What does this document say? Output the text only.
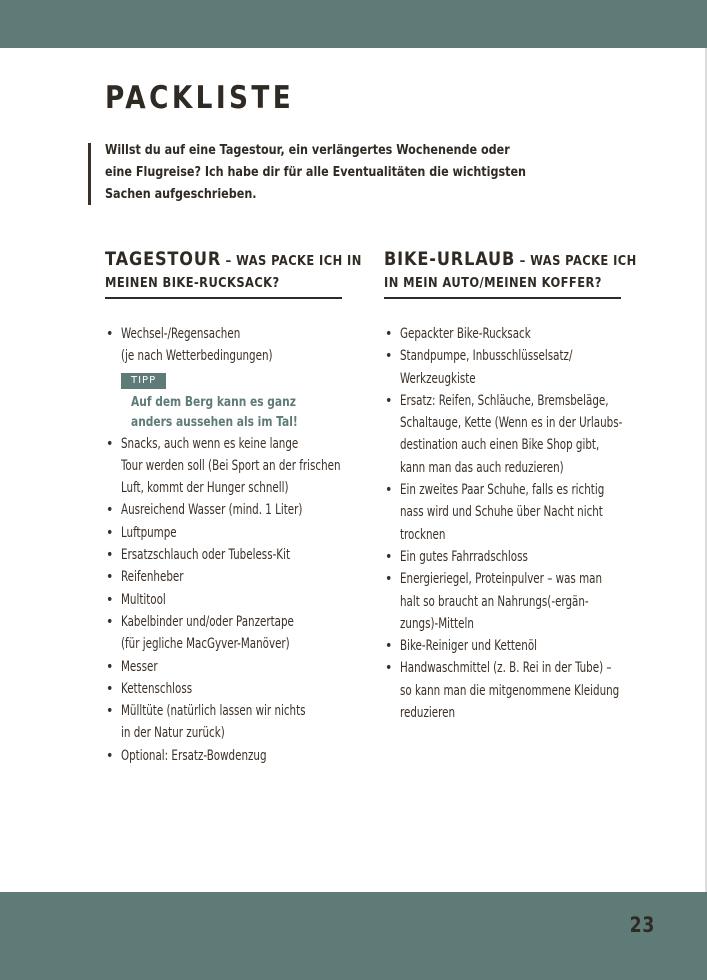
PACKLISTE

Willst du auf eine Tagestour, ein verlängertes Wochenende oder
eine Flugreise? Ich habe dir für alle Eventualitäten die wichtigsten
Sachen aufgeschrieben.

TAGESTOUR – WAS PACKE ICH IN
MEINEN BIKE-RUCKSACK?
• Wechsel-/Regensachen
(je nach Wetterbedingungen)
TIPP
Auf dem Berg kann es ganz
anders aussehen als im Tal!
• Snacks, auch wenn es keine lange
Tour werden soll (Bei Sport an der frischen
Luft, kommt der Hunger schnell)
• Ausreichend Wasser (mind. 1 Liter)
• Luftpumpe
• Ersatzschlauch oder Tubeless-Kit
• Reifenheber
• Multitool
• Kabelbinder und/oder Panzertape
(für jegliche MacGyver-Manöver)
• Messer
• Kettenschloss
• Mülltüte (natürlich lassen wir nichts
in der Natur zurück)
• Optional: Ersatz-Bowdenzug
BIKE-URLAUB – WAS PACKE ICH
IN MEIN AUTO/MEINEN KOFFER?
• Gepackter Bike-Rucksack
• Standpumpe, Inbusschlüsselsatz/
Werkzeugkiste
• Ersatz: Reifen, Schläuche, Bremsbeläge,
Schaltauge, Kette (Wenn es in der Urlaubs-
destination auch einen Bike Shop gibt,
kann man das auch reduzieren)
• Ein zweites Paar Schuhe, falls es richtig
nass wird und Schuhe über Nacht nicht
trocknen
• Ein gutes Fahrradschloss
• Energieriegel, Proteinpulver – was man
halt so braucht an Nahrungs(-ergän-
zungs)-Mitteln
• Bike-Reiniger und Kettenöl
• Handwaschmittel (z. B. Rei in der Tube) –
so kann man die mitgenommene Kleidung
reduzieren
23
